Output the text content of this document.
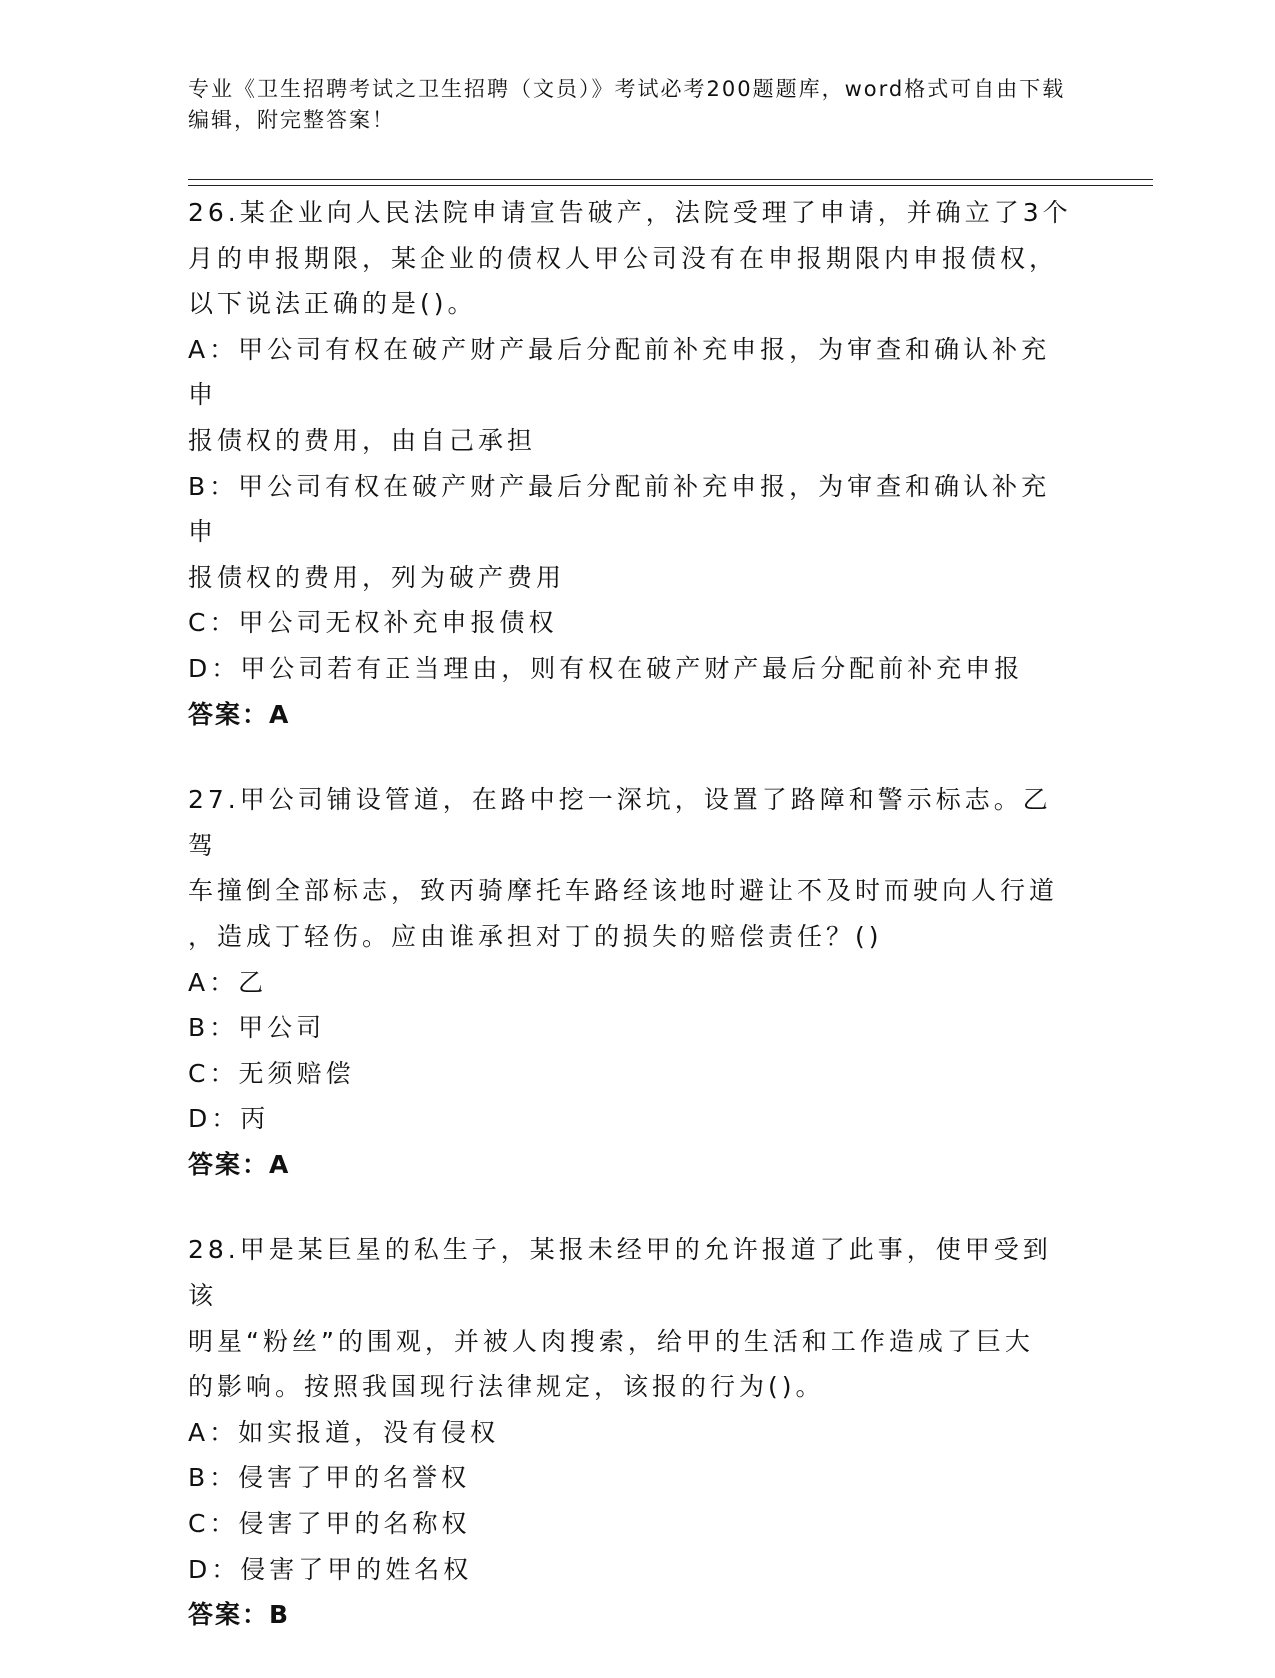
专业《卫生招聘考试之卫生招聘（文员）》考试必考200题题库，word格式可自由下载编辑，附完整答案！
26.某企业向人民法院申请宣告破产，法院受理了申请，并确立了3个
月的申报期限，某企业的债权人甲公司没有在申报期限内申报债权，
以下说法正确的是()。
A：甲公司有权在破产财产最后分配前补充申报，为审查和确认补充申
报债权的费用，由自己承担
B：甲公司有权在破产财产最后分配前补充申报，为审查和确认补充申
报债权的费用，列为破产费用
C：甲公司无权补充申报债权
D：甲公司若有正当理由，则有权在破产财产最后分配前补充申报
答案：A
27.甲公司铺设管道，在路中挖一深坑，设置了路障和警示标志。乙驾
车撞倒全部标志，致丙骑摩托车路经该地时避让不及时而驶向人行道
，造成丁轻伤。应由谁承担对丁的损失的赔偿责任？()
A：乙
B：甲公司
C：无须赔偿
D：丙
答案：A
28.甲是某巨星的私生子，某报未经甲的允许报道了此事，使甲受到该
明星“粉丝”的围观，并被人肉搜索，给甲的生活和工作造成了巨大
的影响。按照我国现行法律规定，该报的行为()。
A：如实报道，没有侵权
B：侵害了甲的名誉权
C：侵害了甲的名称权
D：侵害了甲的姓名权
答案：B
